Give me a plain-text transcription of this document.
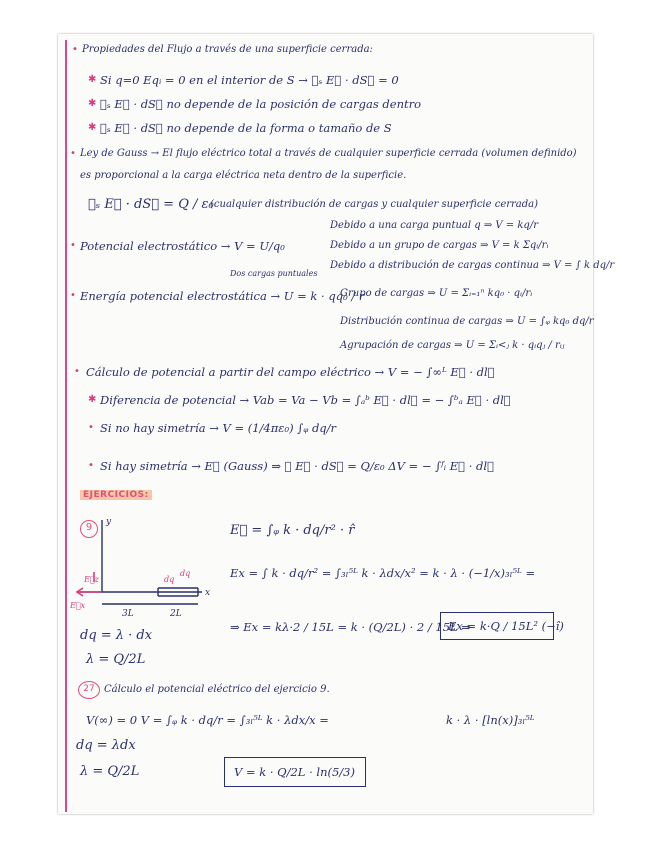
• Propiedades del Flujo a través de una superficie cerrada:
✱ Si q=0 Eqᵢ = 0 en el interior de S → ∮ₛ E⃗ · dS⃗ = 0
✱ ∮ₛ E⃗ · dS⃗ no depende de la posición de cargas dentro
✱ ∮ₛ E⃗ · dS⃗ no depende de la forma o tamaño de S
• Ley de Gauss → El flujo eléctrico total a través de cualquier superficie cerrada (volumen definido)
es proporcional a la carga eléctrica neta dentro de la superficie.
∮ₛ E⃗ · dS⃗ = Q / ε₀
(cualquier distribución de cargas y cualquier superficie cerrada)
• Potencial electrostático → V = U/q₀
Debido a una carga puntual q ⇒ V = kq/r
Debido a un grupo de cargas ⇒ V = k Σqᵢ/rᵢ
Debido a distribución de cargas continua ⇒ V = ∫ k dq/r
Dos cargas puntuales
• Energía potencial electrostática → U = k · qq₀ / r
Grupo de cargas ⇒ U = Σᵢ₌₁ⁿ kq₀ · qᵢ/rᵢ
Distribución continua de cargas ⇒ U = ∫ᵩ kq₀ dq/r
Agrupación de cargas ⇒ U = Σᵢ<ⱼ k · qᵢqⱼ / rᵢⱼ
• Cálculo de potencial a partir del campo eléctrico → V = − ∫∞ᴸ E⃗ · dl⃗
✱ Diferencia de potencial → Vab = Va − Vb = ∫ₐᵇ E⃗ · dl⃗ = − ∫ᵇₐ E⃗ · dl⃗
• Si no hay simetría → V = (1/4πε₀) ∫ᵩ dq/r
• Si hay simetría → E⃗ (Gauss) ⇒ ∮ E⃗ · dS⃗ = Q/ε₀ ΔV = − ∫ᶠᵢ E⃗ · dl⃗
EJERCICIOS:
9	y
x
E⃗z
E⃗x
dq
dq
3L	2L
dq = λ · dx
λ = Q/2L
E⃗ = ∫ᵩ k · dq/r² · r̂
Ex = ∫ k · dq/r² = ∫₃ₗ⁵ᴸ k · λdx/x² = k · λ · (−1/x)₃ₗ⁵ᴸ =
⇒ Ex = kλ·2 / 15L = k · (Q/2L) · 2 / 15L ⇒
Ex = k·Q / 15L² (−î)
27 Cálculo el potencial eléctrico del ejercicio 9.
V(∞) = 0 V = ∫ᵩ k · dq/r = ∫₃ₗ⁵ᴸ k · λdx/x =	k · λ · [ln(x)]₃ₗ⁵ᴸ
dq = λdx
λ = Q/2L	V = k · Q/2L · ln(5/3)
